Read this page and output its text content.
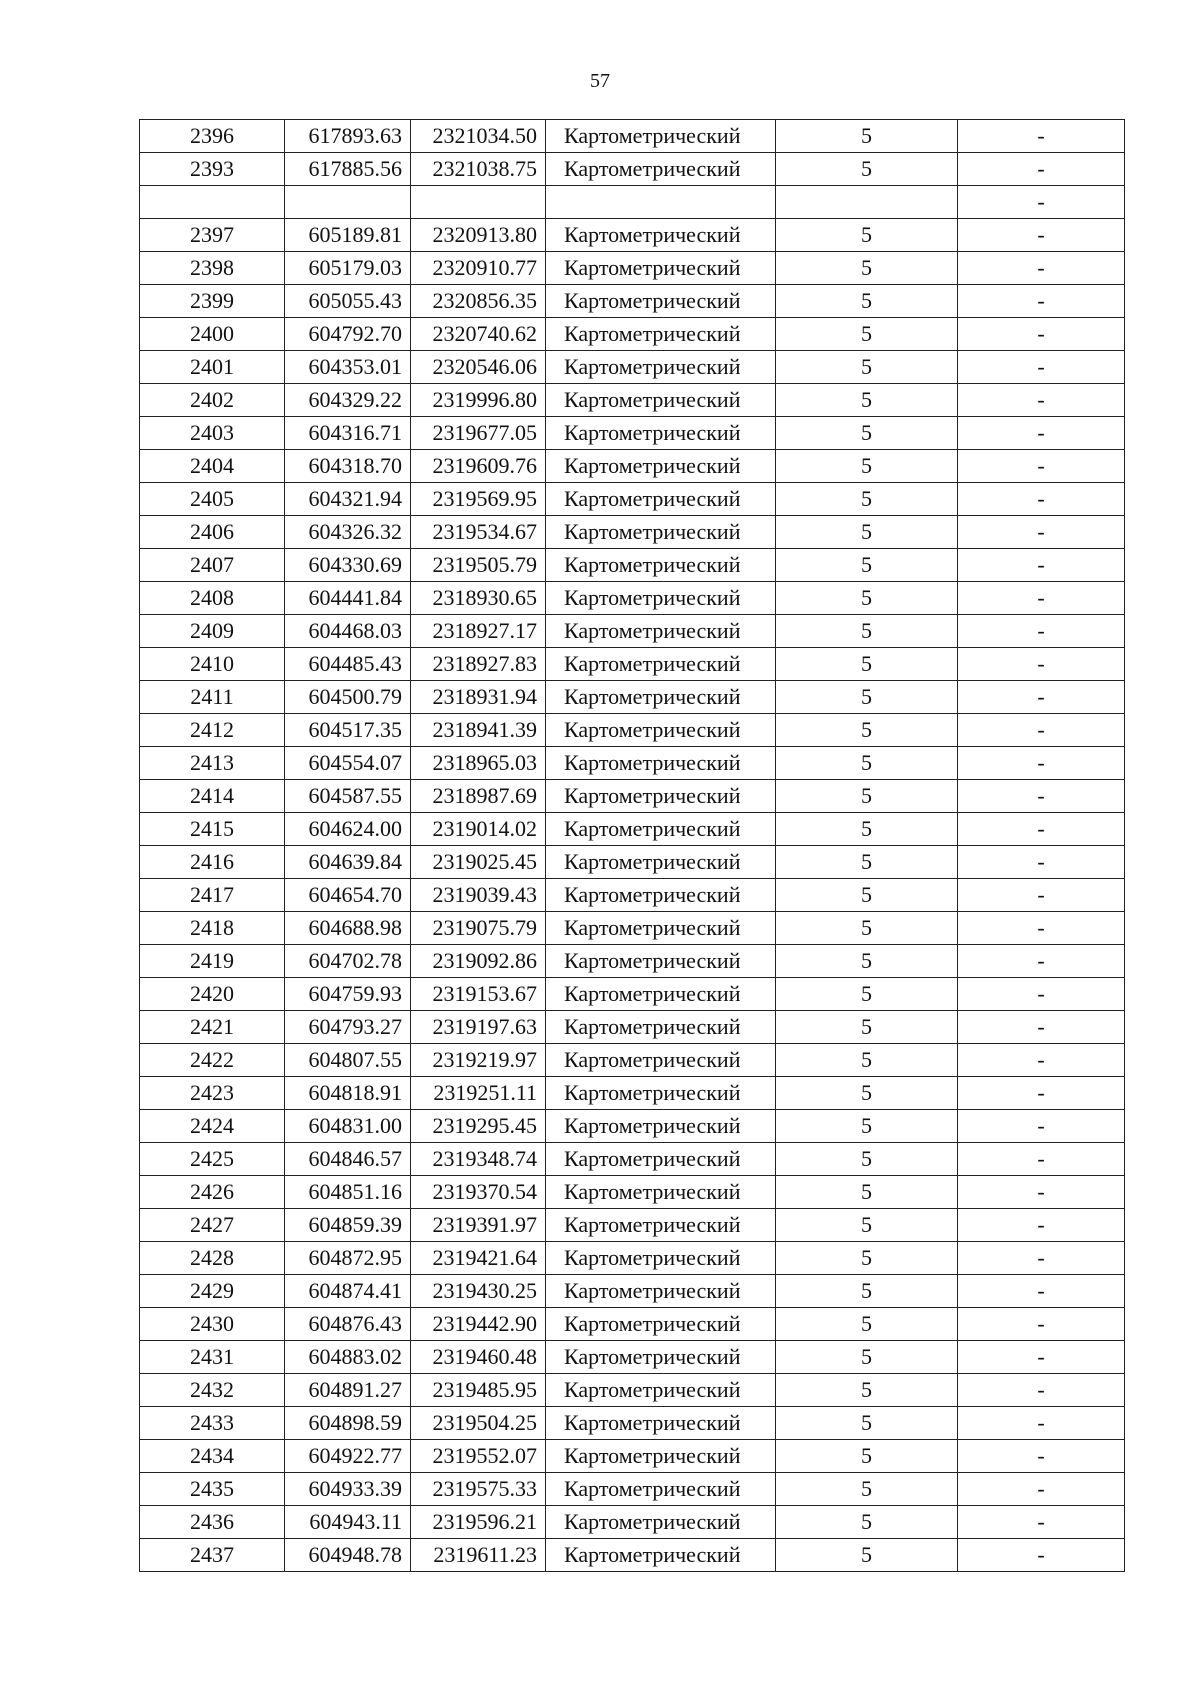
57
2396	617893.63	2321034.50	Картометрический	5	-
2393	617885.56	2321038.75	Картометрический	5	-
					-
2397	605189.81	2320913.80	Картометрический	5	-
2398	605179.03	2320910.77	Картометрический	5	-
2399	605055.43	2320856.35	Картометрический	5	-
2400	604792.70	2320740.62	Картометрический	5	-
2401	604353.01	2320546.06	Картометрический	5	-
2402	604329.22	2319996.80	Картометрический	5	-
2403	604316.71	2319677.05	Картометрический	5	-
2404	604318.70	2319609.76	Картометрический	5	-
2405	604321.94	2319569.95	Картометрический	5	-
2406	604326.32	2319534.67	Картометрический	5	-
2407	604330.69	2319505.79	Картометрический	5	-
2408	604441.84	2318930.65	Картометрический	5	-
2409	604468.03	2318927.17	Картометрический	5	-
2410	604485.43	2318927.83	Картометрический	5	-
2411	604500.79	2318931.94	Картометрический	5	-
2412	604517.35	2318941.39	Картометрический	5	-
2413	604554.07	2318965.03	Картометрический	5	-
2414	604587.55	2318987.69	Картометрический	5	-
2415	604624.00	2319014.02	Картометрический	5	-
2416	604639.84	2319025.45	Картометрический	5	-
2417	604654.70	2319039.43	Картометрический	5	-
2418	604688.98	2319075.79	Картометрический	5	-
2419	604702.78	2319092.86	Картометрический	5	-
2420	604759.93	2319153.67	Картометрический	5	-
2421	604793.27	2319197.63	Картометрический	5	-
2422	604807.55	2319219.97	Картометрический	5	-
2423	604818.91	2319251.11	Картометрический	5	-
2424	604831.00	2319295.45	Картометрический	5	-
2425	604846.57	2319348.74	Картометрический	5	-
2426	604851.16	2319370.54	Картометрический	5	-
2427	604859.39	2319391.97	Картометрический	5	-
2428	604872.95	2319421.64	Картометрический	5	-
2429	604874.41	2319430.25	Картометрический	5	-
2430	604876.43	2319442.90	Картометрический	5	-
2431	604883.02	2319460.48	Картометрический	5	-
2432	604891.27	2319485.95	Картометрический	5	-
2433	604898.59	2319504.25	Картометрический	5	-
2434	604922.77	2319552.07	Картометрический	5	-
2435	604933.39	2319575.33	Картометрический	5	-
2436	604943.11	2319596.21	Картометрический	5	-
2437	604948.78	2319611.23	Картометрический	5	-
